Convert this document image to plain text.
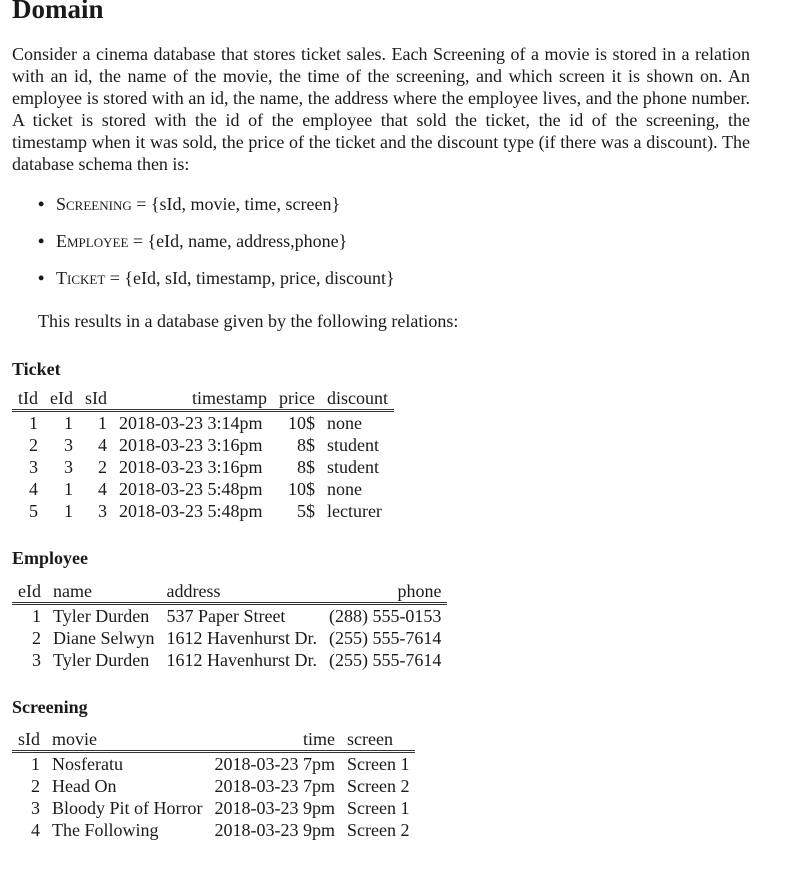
Domain

Consider a cinema database that stores ticket sales. Each Screening of a movie is stored in a relation with an id, the name of the movie, the time of the screening, and which screen it is shown on. An employee is stored with an id, the name, the address where the employee lives, and the phone number. A ticket is stored with the id of the employee that sold the ticket, the id of the screening, the timestamp when it was sold, the price of the ticket and the discount type (if there was a discount). The database schema then is:

• Screening = {sId, movie, time, screen}
• Employee = {eId, name, address,phone}
• Ticket = {eId, sId, timestamp, price, discount}

This results in a database given by the following relations:

Ticket
tId	eId	sId	timestamp	price	discount
1	1	1	2018-03-23 3:14pm	10$	none
2	3	4	2018-03-23 3:16pm	8$	student
3	3	2	2018-03-23 3:16pm	8$	student
4	1	4	2018-03-23 5:48pm	10$	none
5	1	3	2018-03-23 5:48pm	5$	lecturer
Employee
eId	name	address	phone
1	Tyler Durden	537 Paper Street	(288) 555-0153
2	Diane Selwyn	1612 Havenhurst Dr.	(255) 555-7614
3	Tyler Durden	1612 Havenhurst Dr.	(255) 555-7614
Screening
sId	movie	time	screen
1	Nosferatu	2018-03-23 7pm	Screen 1
2	Head On	2018-03-23 7pm	Screen 2
3	Bloody Pit of Horror	2018-03-23 9pm	Screen 1
4	The Following	2018-03-23 9pm	Screen 2
